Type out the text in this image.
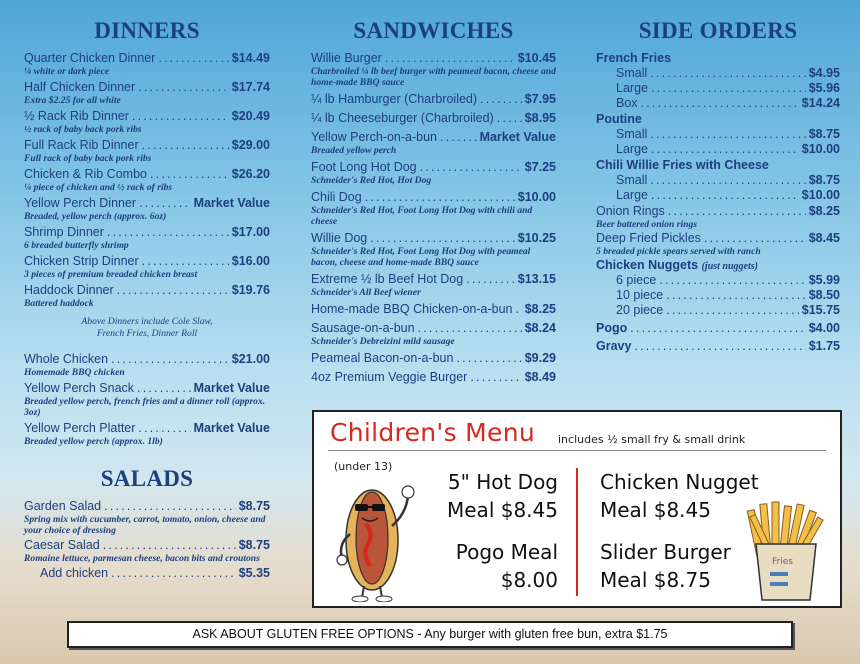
DINNERS
Quarter Chicken Dinner .....	$14.49
¼ white or dark piece
Half Chicken Dinner .....	$17.74
Extra $2.25 for all white
½ Rack Rib Dinner .....	$20.49
½ rack of baby back pork ribs
Full Rack Rib Dinner .....	$29.00
Full rack of baby back pork ribs
Chicken & Rib Combo .....	$26.20
¼ piece of chicken and ½ rack of ribs
Yellow Perch Dinner .....	Market Value
Breaded, yellow perch (approx. 6oz)
Shrimp Dinner .....	$17.00
6 breaded butterfly shrimp
Chicken Strip Dinner .....	$16.00
3 pieces of premium breaded chicken breast
Haddock Dinner .....	$19.76
Battered haddock
Above Dinners include Cole Slaw,
French Fries, Dinner Roll
Whole Chicken .....	$21.00
Homemade BBQ chicken
Yellow Perch Snack .....	Market Value
Breaded yellow perch, french fries and a dinner roll (approx. 3oz)
Yellow Perch Platter .....	Market Value
Breaded yellow perch (approx. 1lb)
SALADS
Garden Salad .....	$8.75
Spring mix with cucumber, carrot, tomato, onion, cheese and your choice of dressing
Caesar Salad .....	$8.75
Romaine lettuce, parmesan cheese, bacon bits and croutons
Add chicken .....	$5.35
SANDWICHES
Willie Burger .....	$10.45
Charbroiled ¼ lb beef burger with peameal bacon, cheese and home-made BBQ sauce
¼ lb Hamburger (Charbroiled) .....	$7.95
¼ lb Cheeseburger (Charbroiled) ..... $8.95
Yellow Perch-on-a-bun .....	Market Value
Breaded yellow perch
Foot Long Hot Dog .....	$7.25
Schneider's Red Hot, Hot Dog
Chili Dog .....	$10.00
Schneider's Red Hot, Foot Long Hot Dog with chili and cheese
Willie Dog .....	$10.25
Schneider's Red Hot, Foot Long Hot Dog with peameal bacon, cheese and home-made BBQ sauce
Extreme ½ lb Beef Hot Dog .....	$13.15
Schneider's All Beef wiener
Home-made BBQ Chicken-on-a-bun ..... $8.25
Sausage-on-a-bun .....	$8.24
Schneider's Debreizini mild sausage
Peameal Bacon-on-a-bun .....	$9.29
4oz Premium Veggie Burger .....	$8.49
SIDE ORDERS
French Fries
Small .....	$4.95
Large .....	$5.96
Box .....	$14.24
Poutine
Small .....	$8.75
Large .....	$10.00
Chili Willie Fries with Cheese
Small .....	$8.75
Large .....	$10.00
Onion Rings .....	$8.25
Beer battered onion rings
Deep Fried Pickles .....	$8.45
5 breaded pickle spears served with ranch
Chicken Nuggets (just nuggets)
6 piece .....	$5.99
10 piece .....	$8.50
20 piece .....	$15.75
Pogo .....	$4.00
Gravy .....	$1.75
Children's Menu includes ½ small fry & small drink
(under 13)
5" Hot Dog
Meal $8.45
Pogo Meal
$8.00
Chicken Nugget
Meal $8.45
Slider Burger
Meal $8.75
Fries
ASK ABOUT GLUTEN FREE OPTIONS - Any burger with gluten free bun, extra $1.75
